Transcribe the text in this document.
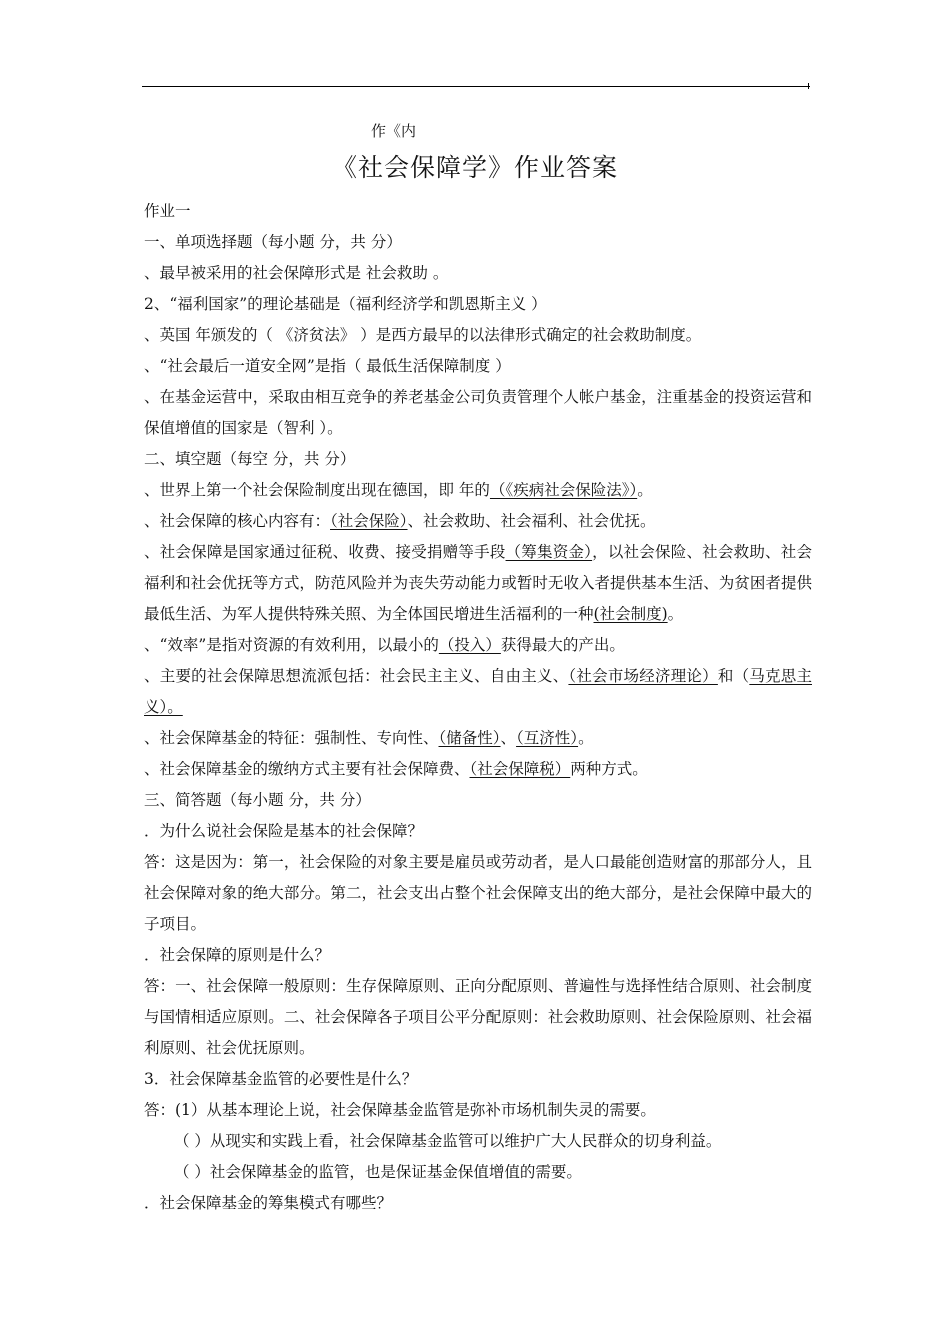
作《内
《社会保障学》作业答案

作业一

一、单项选择题（每小题 分，共 分）

、最早被采用的社会保障形式是 社会救助 。

2、“福利国家”的理论基础是（福利经济学和凯恩斯主义 ）

、英国 年颁发的（ 《济贫法》 ）是西方最早的以法律形式确定的社会救助制度。

、“社会最后一道安全网”是指（ 最低生活保障制度 ）

、在基金运营中，采取由相互竞争的养老基金公司负责管理个人帐户基金，注重基金的投资运营和保值增值的国家是（智利 ）。

二、填空题（每空 分，共 分）

、世界上第一个社会保险制度出现在德国，即 年的（《疾病社会保险法》）。

、社会保障的核心内容有：（社会保险）、社会救助、社会福利、社会优抚。

、社会保障是国家通过征税、收费、接受捐赠等手段（筹集资金），以社会保险、社会救助、社会福利和社会优抚等方式，防范风险并为丧失劳动能力或暂时无收入者提供基本生活、为贫困者提供最低生活、为军人提供特殊关照、为全体国民增进生活福利的一种(社会制度)。

、“效率”是指对资源的有效利用，以最小的（投入）获得最大的产出。

、主要的社会保障思想流派包括：社会民主主义、自由主义、（社会市场经济理论）和（马克思主义）。

、社会保障基金的特征：强制性、专向性、（储备性）、（互济性）。

、社会保障基金的缴纳方式主要有社会保障费、（社会保障税）两种方式。

三、简答题（每小题 分，共 分）

．为什么说社会保险是基本的社会保障？

答：这是因为：第一，社会保险的对象主要是雇员或劳动者，是人口最能创造财富的那部分人，且社会保障对象的绝大部分。第二，社会支出占整个社会保障支出的绝大部分，是社会保障中最大的子项目。

．社会保障的原则是什么？

答：一、社会保障一般原则：生存保障原则、正向分配原则、普遍性与选择性结合原则、社会制度与国情相适应原则。二、社会保障各子项目公平分配原则：社会救助原则、社会保险原则、社会福利原则、社会优抚原则。

3．社会保障基金监管的必要性是什么？

答：(1）从基本理论上说，社会保障基金监管是弥补市场机制失灵的需要。

（ ）从现实和实践上看，社会保障基金监管可以维护广大人民群众的切身利益。

（ ）社会保障基金的监管，也是保证基金保值增值的需要。

．社会保障基金的筹集模式有哪些？
